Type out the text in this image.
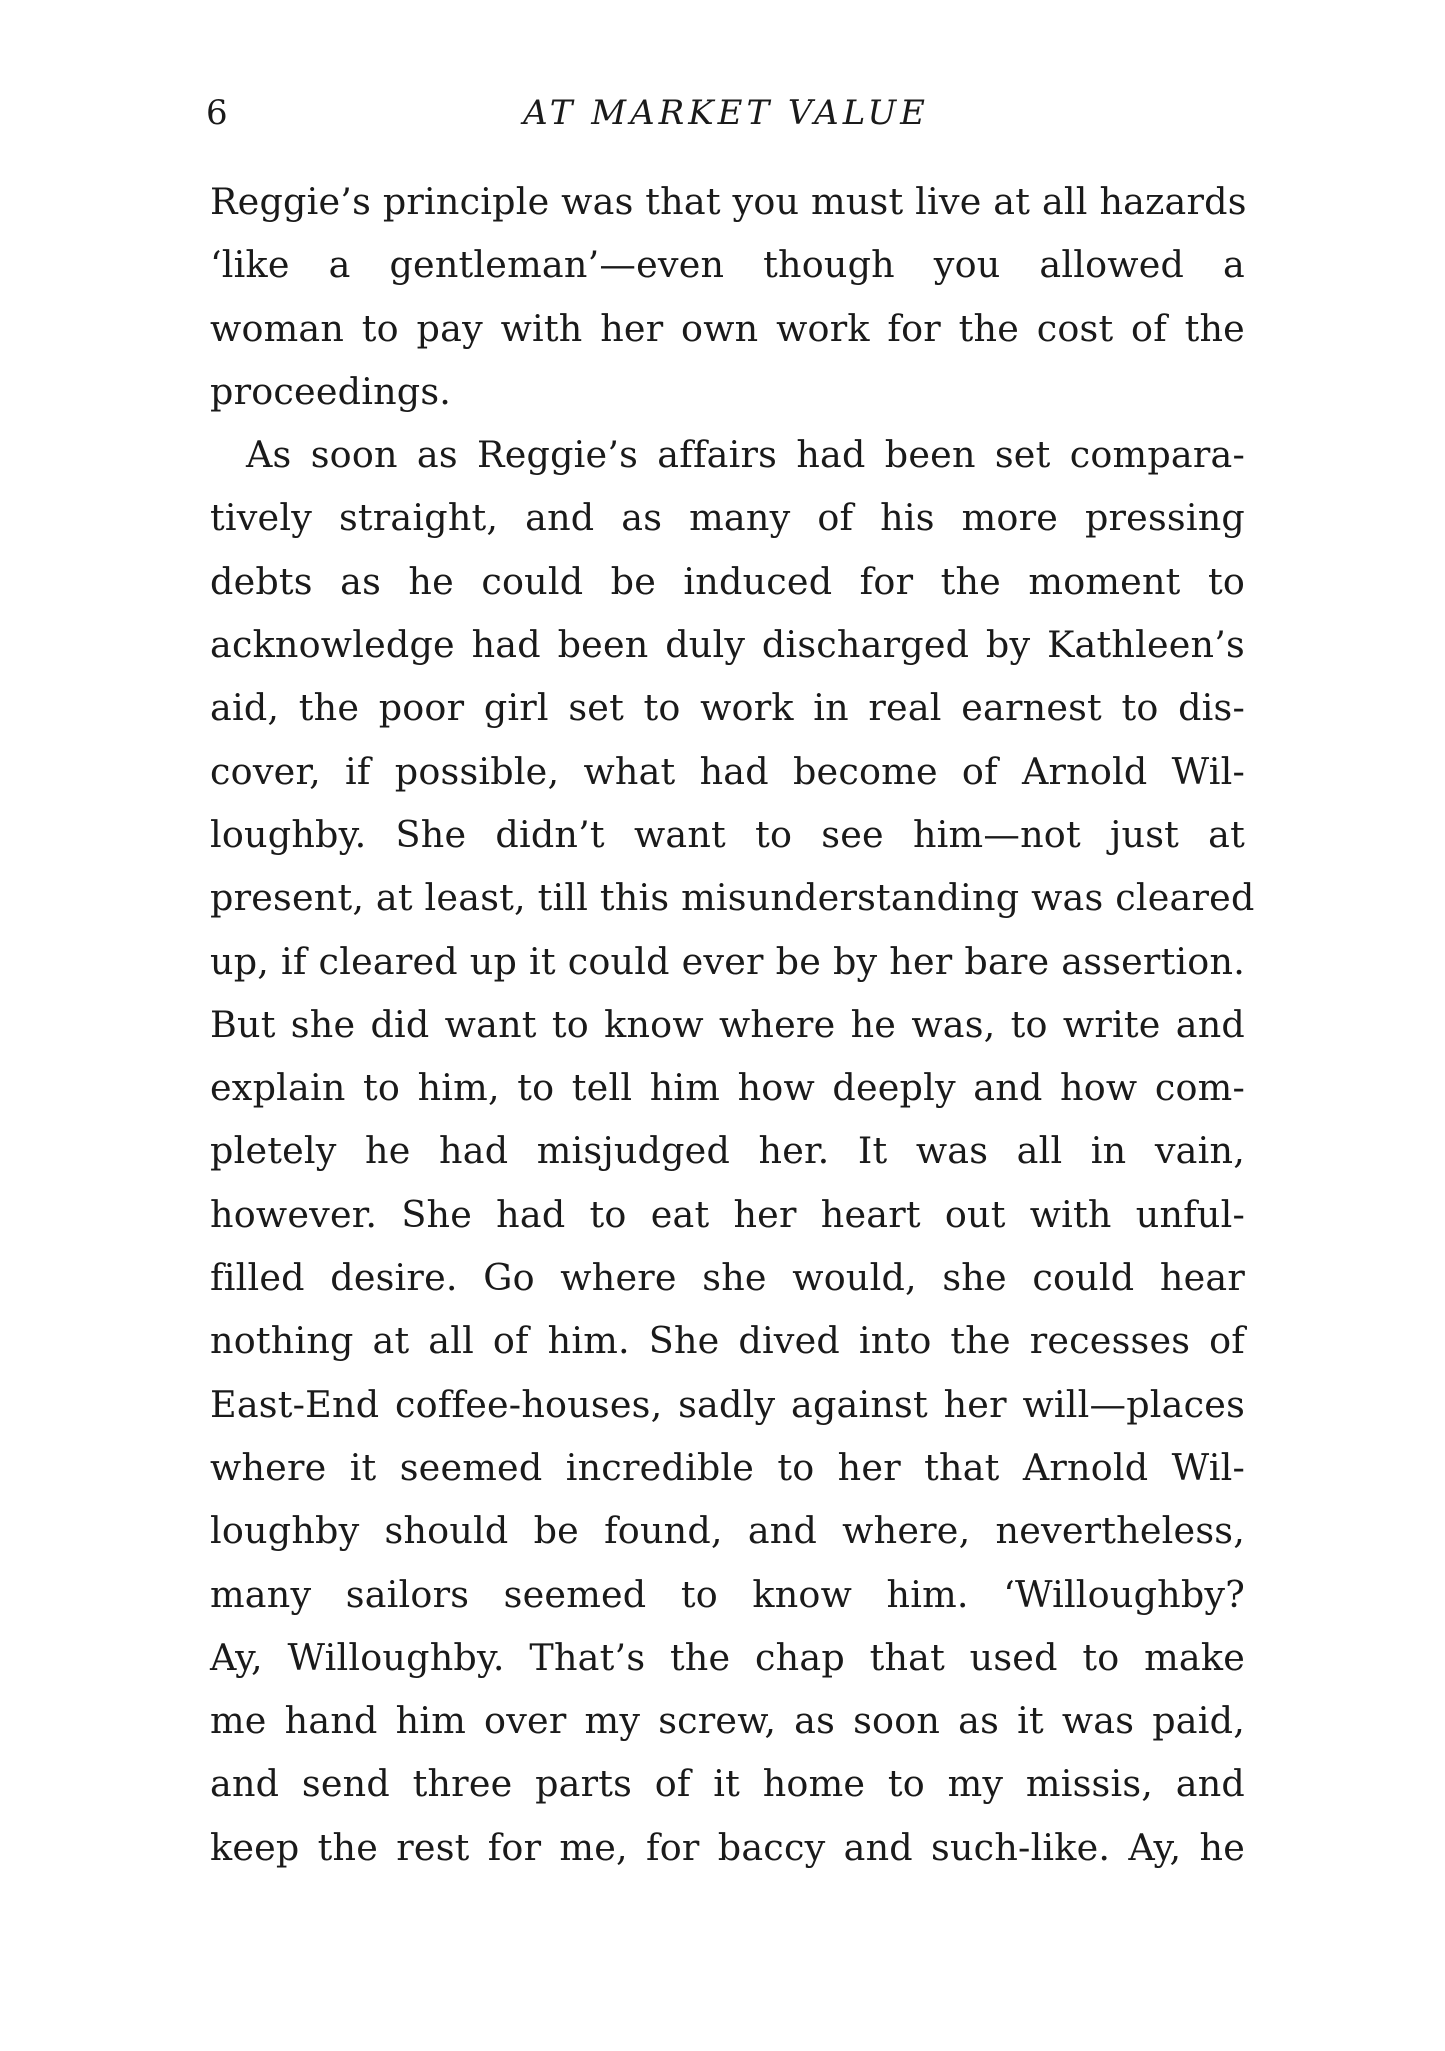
6	AT MARKET VALUE
Reggie’s principle was that you must live at all hazards
‘like a gentleman’—even though you allowed a
woman to pay with her own work for the cost of the
proceedings.
As soon as Reggie’s affairs had been set compara-
tively straight, and as many of his more pressing
debts as he could be induced for the moment to
acknowledge had been duly discharged by Kathleen’s
aid, the poor girl set to work in real earnest to dis-
cover, if possible, what had become of Arnold Wil-
loughby. She didn’t want to see him—not just at
present, at least, till this misunderstanding was cleared
up, if cleared up it could ever be by her bare assertion.
But she did want to know where he was, to write and
explain to him, to tell him how deeply and how com-
pletely he had misjudged her. It was all in vain,
however. She had to eat her heart out with unful-
filled desire. Go where she would, she could hear
nothing at all of him. She dived into the recesses of
East-End coffee-houses, sadly against her will—places
where it seemed incredible to her that Arnold Wil-
loughby should be found, and where, nevertheless,
many sailors seemed to know him. ‘Willoughby?
Ay, Willoughby. That’s the chap that used to make
me hand him over my screw, as soon as it was paid,
and send three parts of it home to my missis, and
keep the rest for me, for baccy and such-like. Ay, he
